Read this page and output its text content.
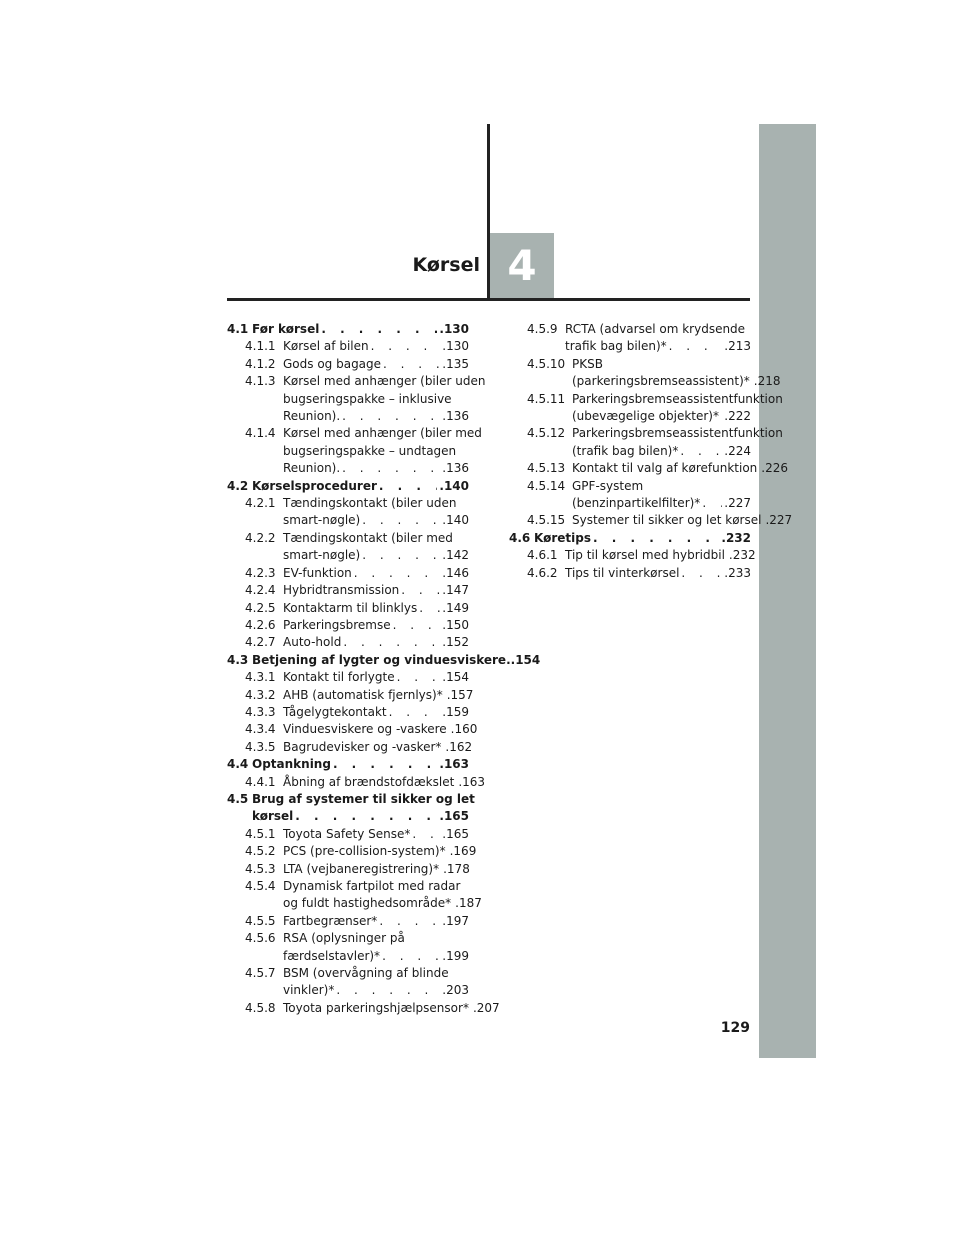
4
Kørsel
4.1 Før kørsel . . .	.130
4.1.1 Kørsel af bilen . . .	.130
4.1.2 Gods og bagage . . .	.135
4.1.3 Kørsel med anhænger (biler uden
bugseringspakke – inklusive
Reunion). . . .	.136
4.1.4 Kørsel med anhænger (biler med
bugseringspakke – undtagen
Reunion). . . .	.136
4.2 Kørselsprocedurer . . .	.140
4.2.1 Tændingskontakt (biler uden
smart-nøgle) . . .	.140
4.2.2 Tændingskontakt (biler med
smart-nøgle) . . .	.142
4.2.3 EV-funktion . . .	.146
4.2.4 Hybridtransmission . . .	.147
4.2.5 Kontaktarm til blinklys . . . .149
4.2.6 Parkeringsbremse . . .	.150
4.2.7 Auto-hold . . .	.152
4.3 Betjening af lygter og vinduesviskere. .154
4.3.1 Kontakt til forlygte . . .	.154
4.3.2 AHB (automatisk fjernlys)* .157
4.3.3 Tågelygtekontakt . . .	.159
4.3.4 Vinduesviskere og -vaskere .160
4.3.5 Bagrudevisker og -vasker* .162
4.4 Optankning . . .	.163
4.4.1 Åbning af brændstofdækslet .163
4.5 Brug af systemer til sikker og let
kørsel . . .	.165
4.5.1 Toyota Safety Sense* . . .	.165
4.5.2 PCS (pre-collision-system)* .169
4.5.3 LTA (vejbaneregistrering)* .178
4.5.4 Dynamisk fartpilot med radar
og fuldt hastighedsområde* .187
4.5.5 Fartbegrænser* . . .	.197
4.5.6 RSA (oplysninger på
færdselstavler)* . . .	.199
4.5.7 BSM (overvågning af blinde
vinkler)* . . .	.203
4.5.8 Toyota parkeringshjælpsensor* .207
4.5.9 RCTA (advarsel om krydsende
trafik bag bilen)* . . .	.213
4.5.10 PKSB
(parkeringsbremseassistent)* .218
4.5.11 Parkeringsbremseassistentfunktion
(ubevægelige objekter)* . . . .222
4.5.12 Parkeringsbremseassistentfunktion
(trafik bag bilen)* . . .	.224
4.5.13 Kontakt til valg af kørefunktion .226
4.5.14 GPF-system
(benzinpartikelfilter)* . . . .227
4.5.15 Systemer til sikker og let kørsel .227
4.6 Køretips . . .	.232
4.6.1 Tip til kørsel med hybridbil .232
4.6.2 Tips til vinterkørsel . . .	.233
129
